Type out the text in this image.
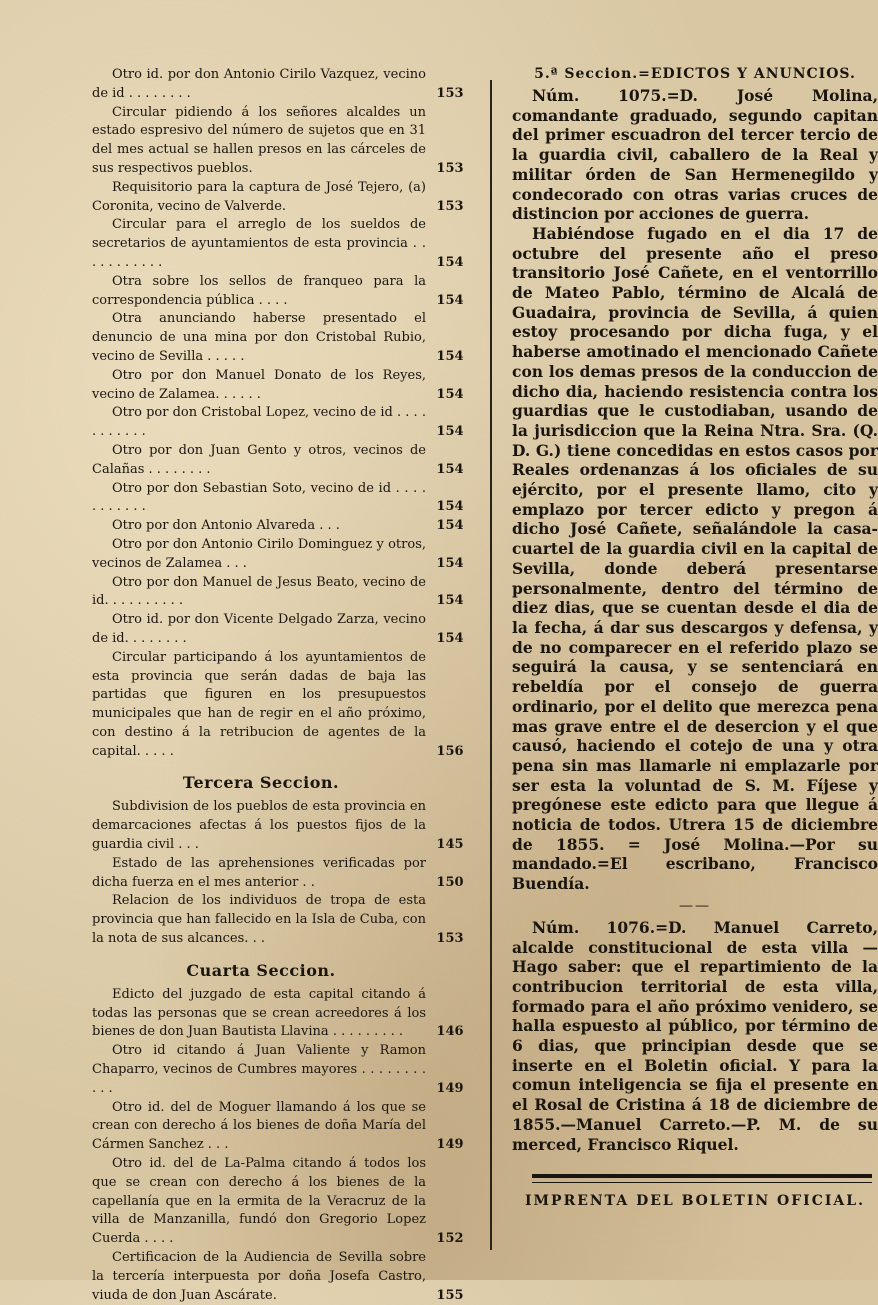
Otro id. por don Antonio Cirilo Vazquez, vecino de id . . . . . . . .	153
Circular pidiendo á los señores alcaldes un estado espresivo del número de sujetos que en 31 del mes actual se hallen presos en las cárceles de sus respectivos pueblos.	153
Requisitorio para la captura de José Tejero, (a) Coronita, vecino de Valverde.	153
Circular para el arreglo de los sueldos de secretarios de ayuntamientos de esta provincia . . . . . . . . . . .	154
Otra sobre los sellos de franqueo para la correspondencia pública . . . .	154
Otra anunciando haberse presentado el denuncio de una mina por don Cristobal Rubio, vecino de Sevilla . . . . .	154
Otro por don Manuel Donato de los Reyes, vecino de Zalamea. . . . . .	154
Otro por don Cristobal Lopez, vecino de id . . . . . . . . . . .	154
Otro por don Juan Gento y otros, vecinos de Calañas . . . . . . . .	154
Otro por don Sebastian Soto, vecino de id . . . . . . . . . . .	154
Otro por don Antonio Alvareda . . .	154
Otro por don Antonio Cirilo Dominguez y otros, vecinos de Zalamea . . .	154
Otro por don Manuel de Jesus Beato, vecino de id. . . . . . . . . .	154
Otro id. por don Vicente Delgado Zarza, vecino de id. . . . . . . .	154
Circular participando á los ayuntamientos de esta provincia que serán dadas de baja las partidas que figuren en los presupuestos municipales que han de regir en el año próximo, con destino á la retribucion de agentes de la capital. . . . .	156
Tercera Seccion.
Subdivision de los pueblos de esta provincia en demarcaciones afectas á los puestos fijos de la guardia civil . . .	145
Estado de las aprehensiones verificadas por dicha fuerza en el mes anterior . .	150
Relacion de los individuos de tropa de esta provincia que han fallecido en la Isla de Cuba, con la nota de sus alcances. . .	153
Cuarta Seccion.
Edicto del juzgado de esta capital citando á todas las personas que se crean acreedores á los bienes de don Juan Bautista Llavina . . . . . . . . .	146
Otro id citando á Juan Valiente y Ramon Chaparro, vecinos de Cumbres mayores . . . . . . . . . . .	149
Otro id. del de Moguer llamando á los que se crean con derecho á los bienes de doña María del Cármen Sanchez . . .	149
Otro id. del de La-Palma citando á todos los que se crean con derecho á los bienes de la capellanía que en la ermita de la Veracruz de la villa de Manzanilla, fundó don Gregorio Lopez Cuerda . . . .	152
Certificacion de la Audiencia de Sevilla sobre la tercería interpuesta por doña Josefa Castro, viuda de don Juan Ascárate.	155
5.ª Seccion.=EDICTOS Y ANUNCIOS.

Núm. 1075.=D. José Molina, comandante graduado, segundo capitan del primer escuadron del tercer tercio de la guardia civil, caballero de la Real y militar órden de San Hermenegildo y condecorado con otras varias cruces de distincion por acciones de guerra.

Habiéndose fugado en el dia 17 de octubre del presente año el preso transitorio José Cañete, en el ventorrillo de Mateo Pablo, término de Alcalá de Guadaira, provincia de Sevilla, á quien estoy procesando por dicha fuga, y el haberse amotinado el mencionado Cañete con los demas presos de la conduccion de dicho dia, haciendo resistencia contra los guardias que le custodiaban, usando de la jurisdiccion que la Reina Ntra. Sra. (Q. D. G.) tiene concedidas en estos casos por Reales ordenanzas á los oficiales de su ejército, por el presente llamo, cito y emplazo por tercer edicto y pregon á dicho José Cañete, señalándole la casa-cuartel de la guardia civil en la capital de Sevilla, donde deberá presentarse personalmente, dentro del término de diez dias, que se cuentan desde el dia de la fecha, á dar sus descargos y defensa, y de no comparecer en el referido plazo se seguirá la causa, y se sentenciará en rebeldía por el consejo de guerra ordinario, por el delito que merezca pena mas grave entre el de desercion y el que causó, haciendo el cotejo de una y otra pena sin mas llamarle ni emplazarle por ser esta la voluntad de S. M. Fíjese y pregónese este edicto para que llegue á noticia de todos. Utrera 15 de diciembre de 1855. = José Molina.—Por su mandado.=El escribano, Francisco Buendía.

——

Núm. 1076.=D. Manuel Carreto, alcalde constitucional de esta villa —Hago saber: que el repartimiento de la contribucion territorial de esta villa, formado para el año próximo venidero, se halla espuesto al público, por término de 6 dias, que principian desde que se inserte en el Boletin oficial. Y para la comun inteligencia se fija el presente en el Rosal de Cristina á 18 de diciembre de 1855.—Manuel Carreto.—P. M. de su merced, Francisco Riquel.

IMPRENTA DEL BOLETIN OFICIAL.
